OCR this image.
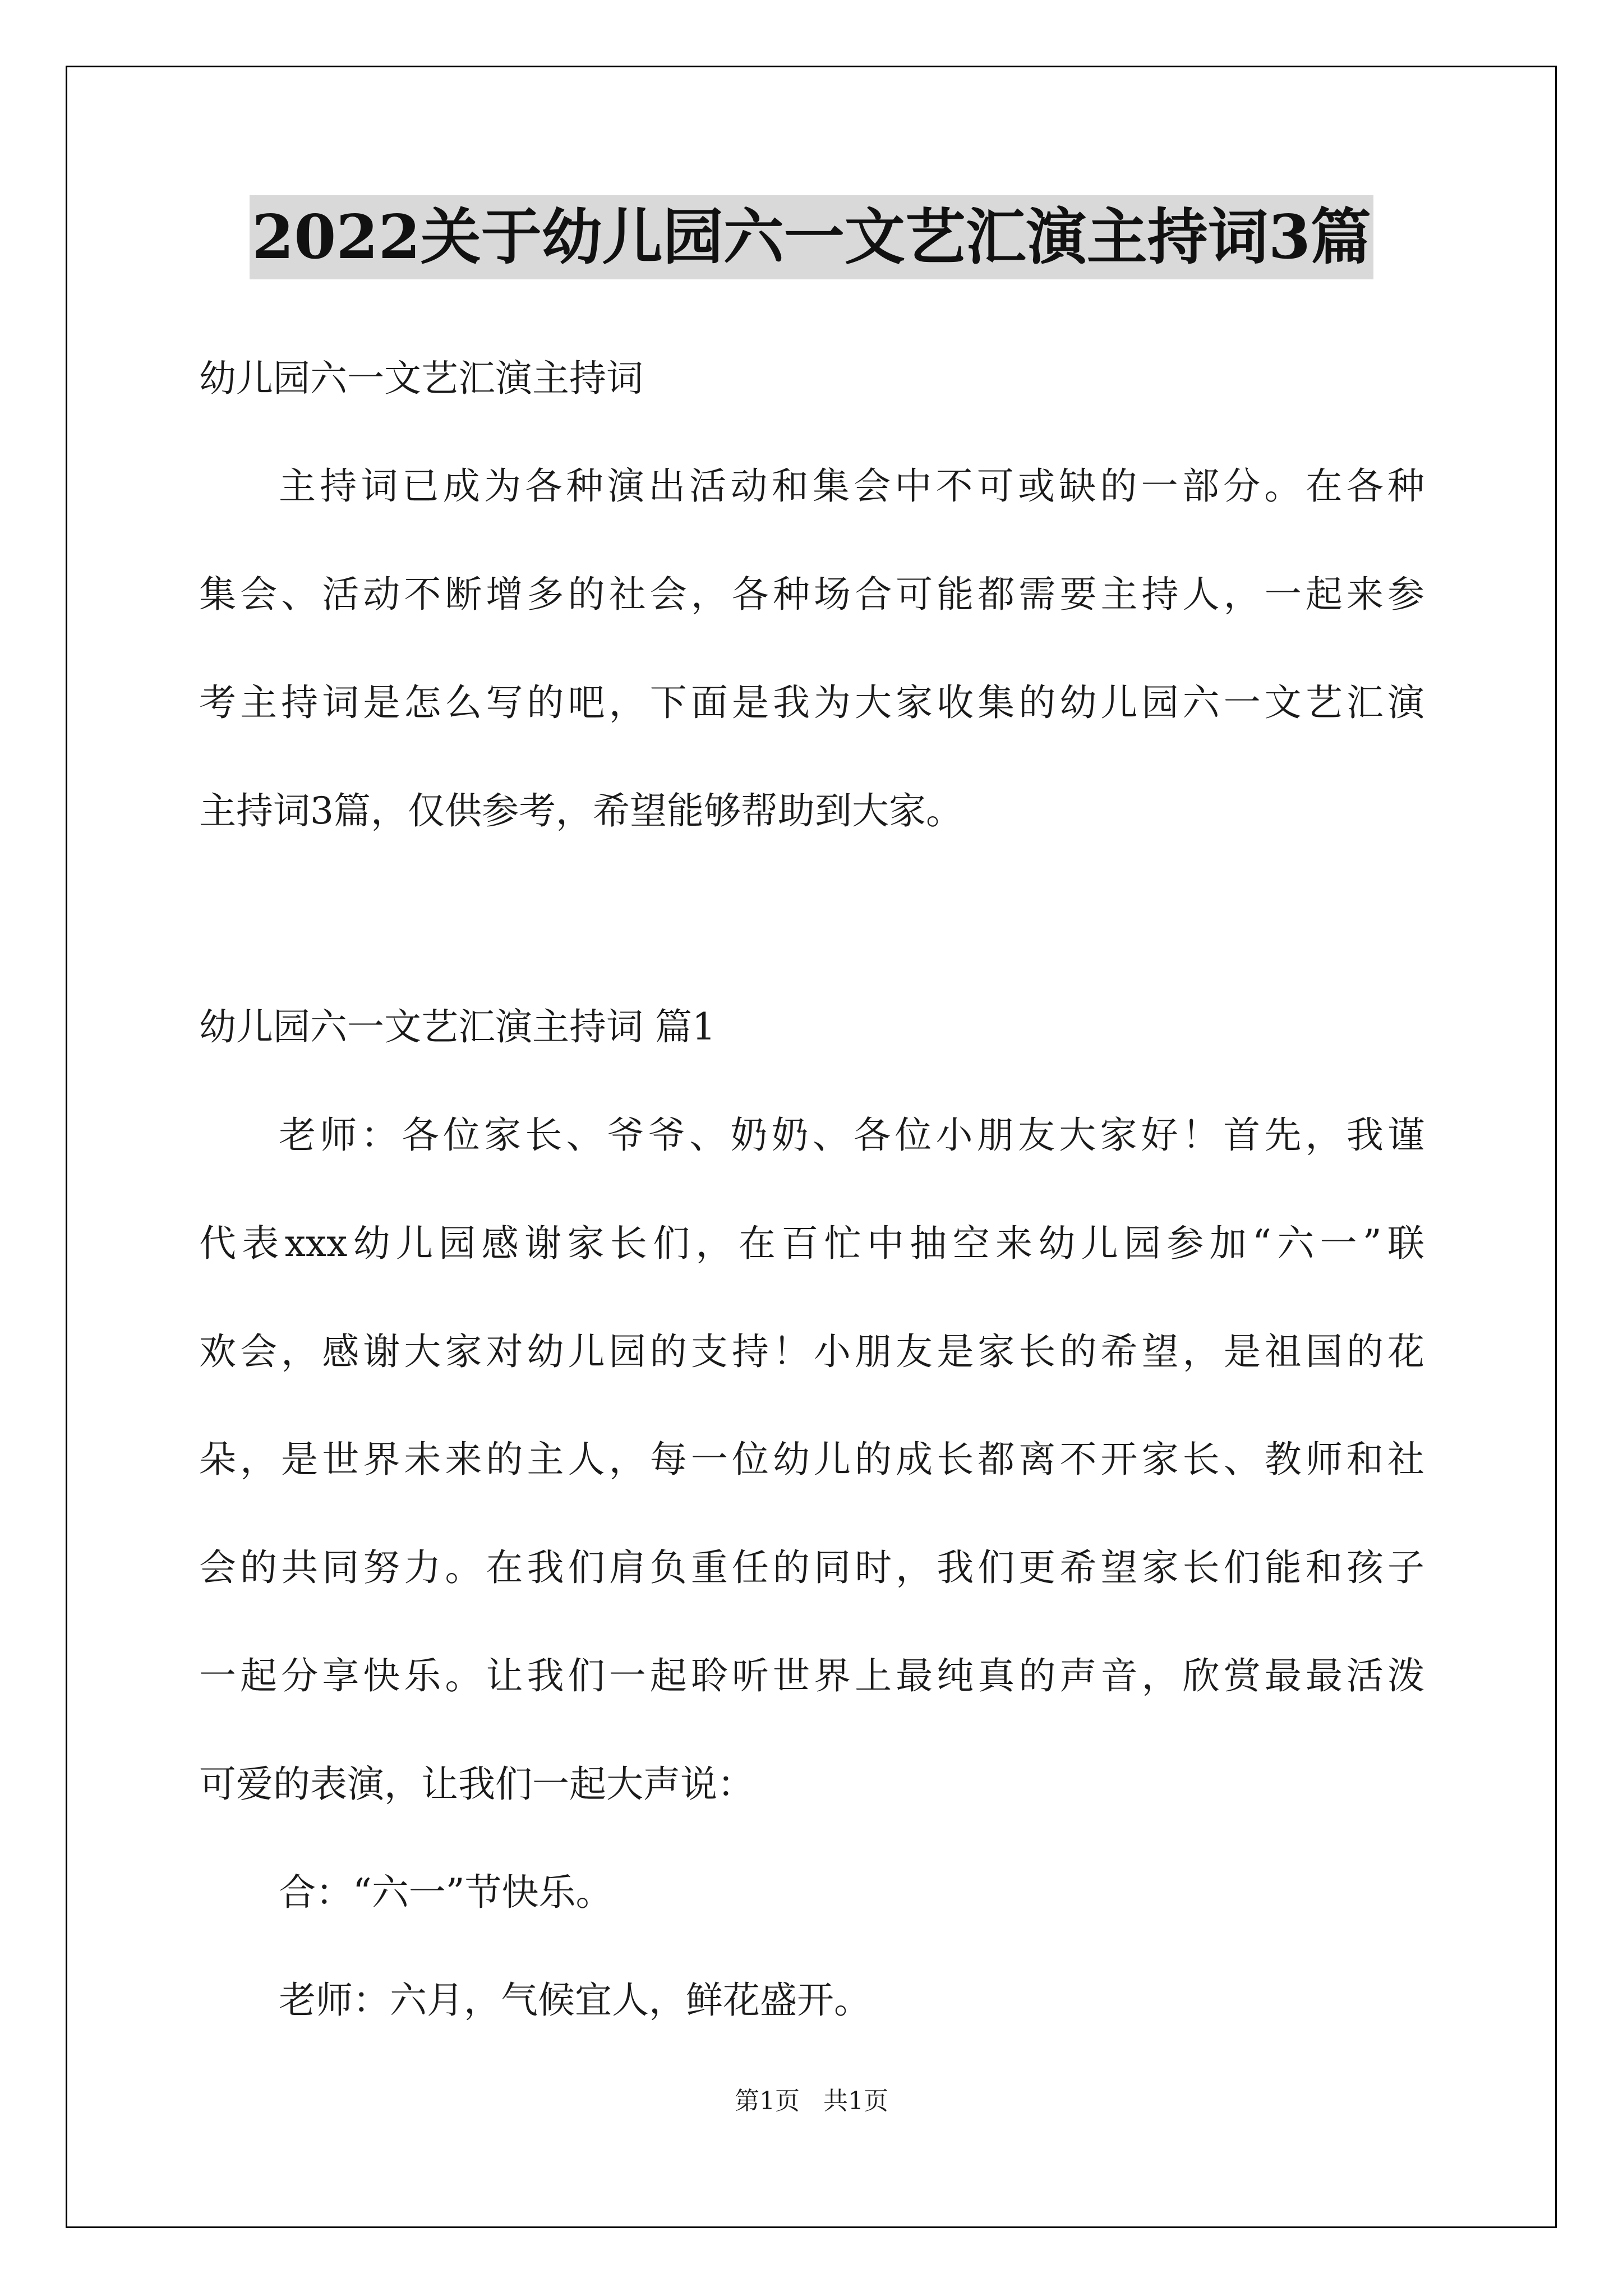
2022关于幼儿园六一文艺汇演主持词3篇

幼儿园六一文艺汇演主持词

主持词已成为各种演出活动和集会中不可或缺的一部分。在各种

集会、活动不断增多的社会，各种场合可能都需要主持人，一起来参

考主持词是怎么写的吧，下面是我为大家收集的幼儿园六一文艺汇演

主持词3篇，仅供参考，希望能够帮助到大家。

幼儿园六一文艺汇演主持词 篇1

老师：各位家长、爷爷、奶奶、各位小朋友大家好！首先，我谨

代表xxx幼儿园感谢家长们，在百忙中抽空来幼儿园参加“六一”联

欢会，感谢大家对幼儿园的支持！小朋友是家长的希望，是祖国的花

朵，是世界未来的主人，每一位幼儿的成长都离不开家长、教师和社

会的共同努力。在我们肩负重任的同时，我们更希望家长们能和孩子

一起分享快乐。让我们一起聆听世界上最纯真的声音，欣赏最最活泼

可爱的表演，让我们一起大声说：

合：“六一”节快乐。

老师：六月，气候宜人，鲜花盛开。

第1页   共1页
